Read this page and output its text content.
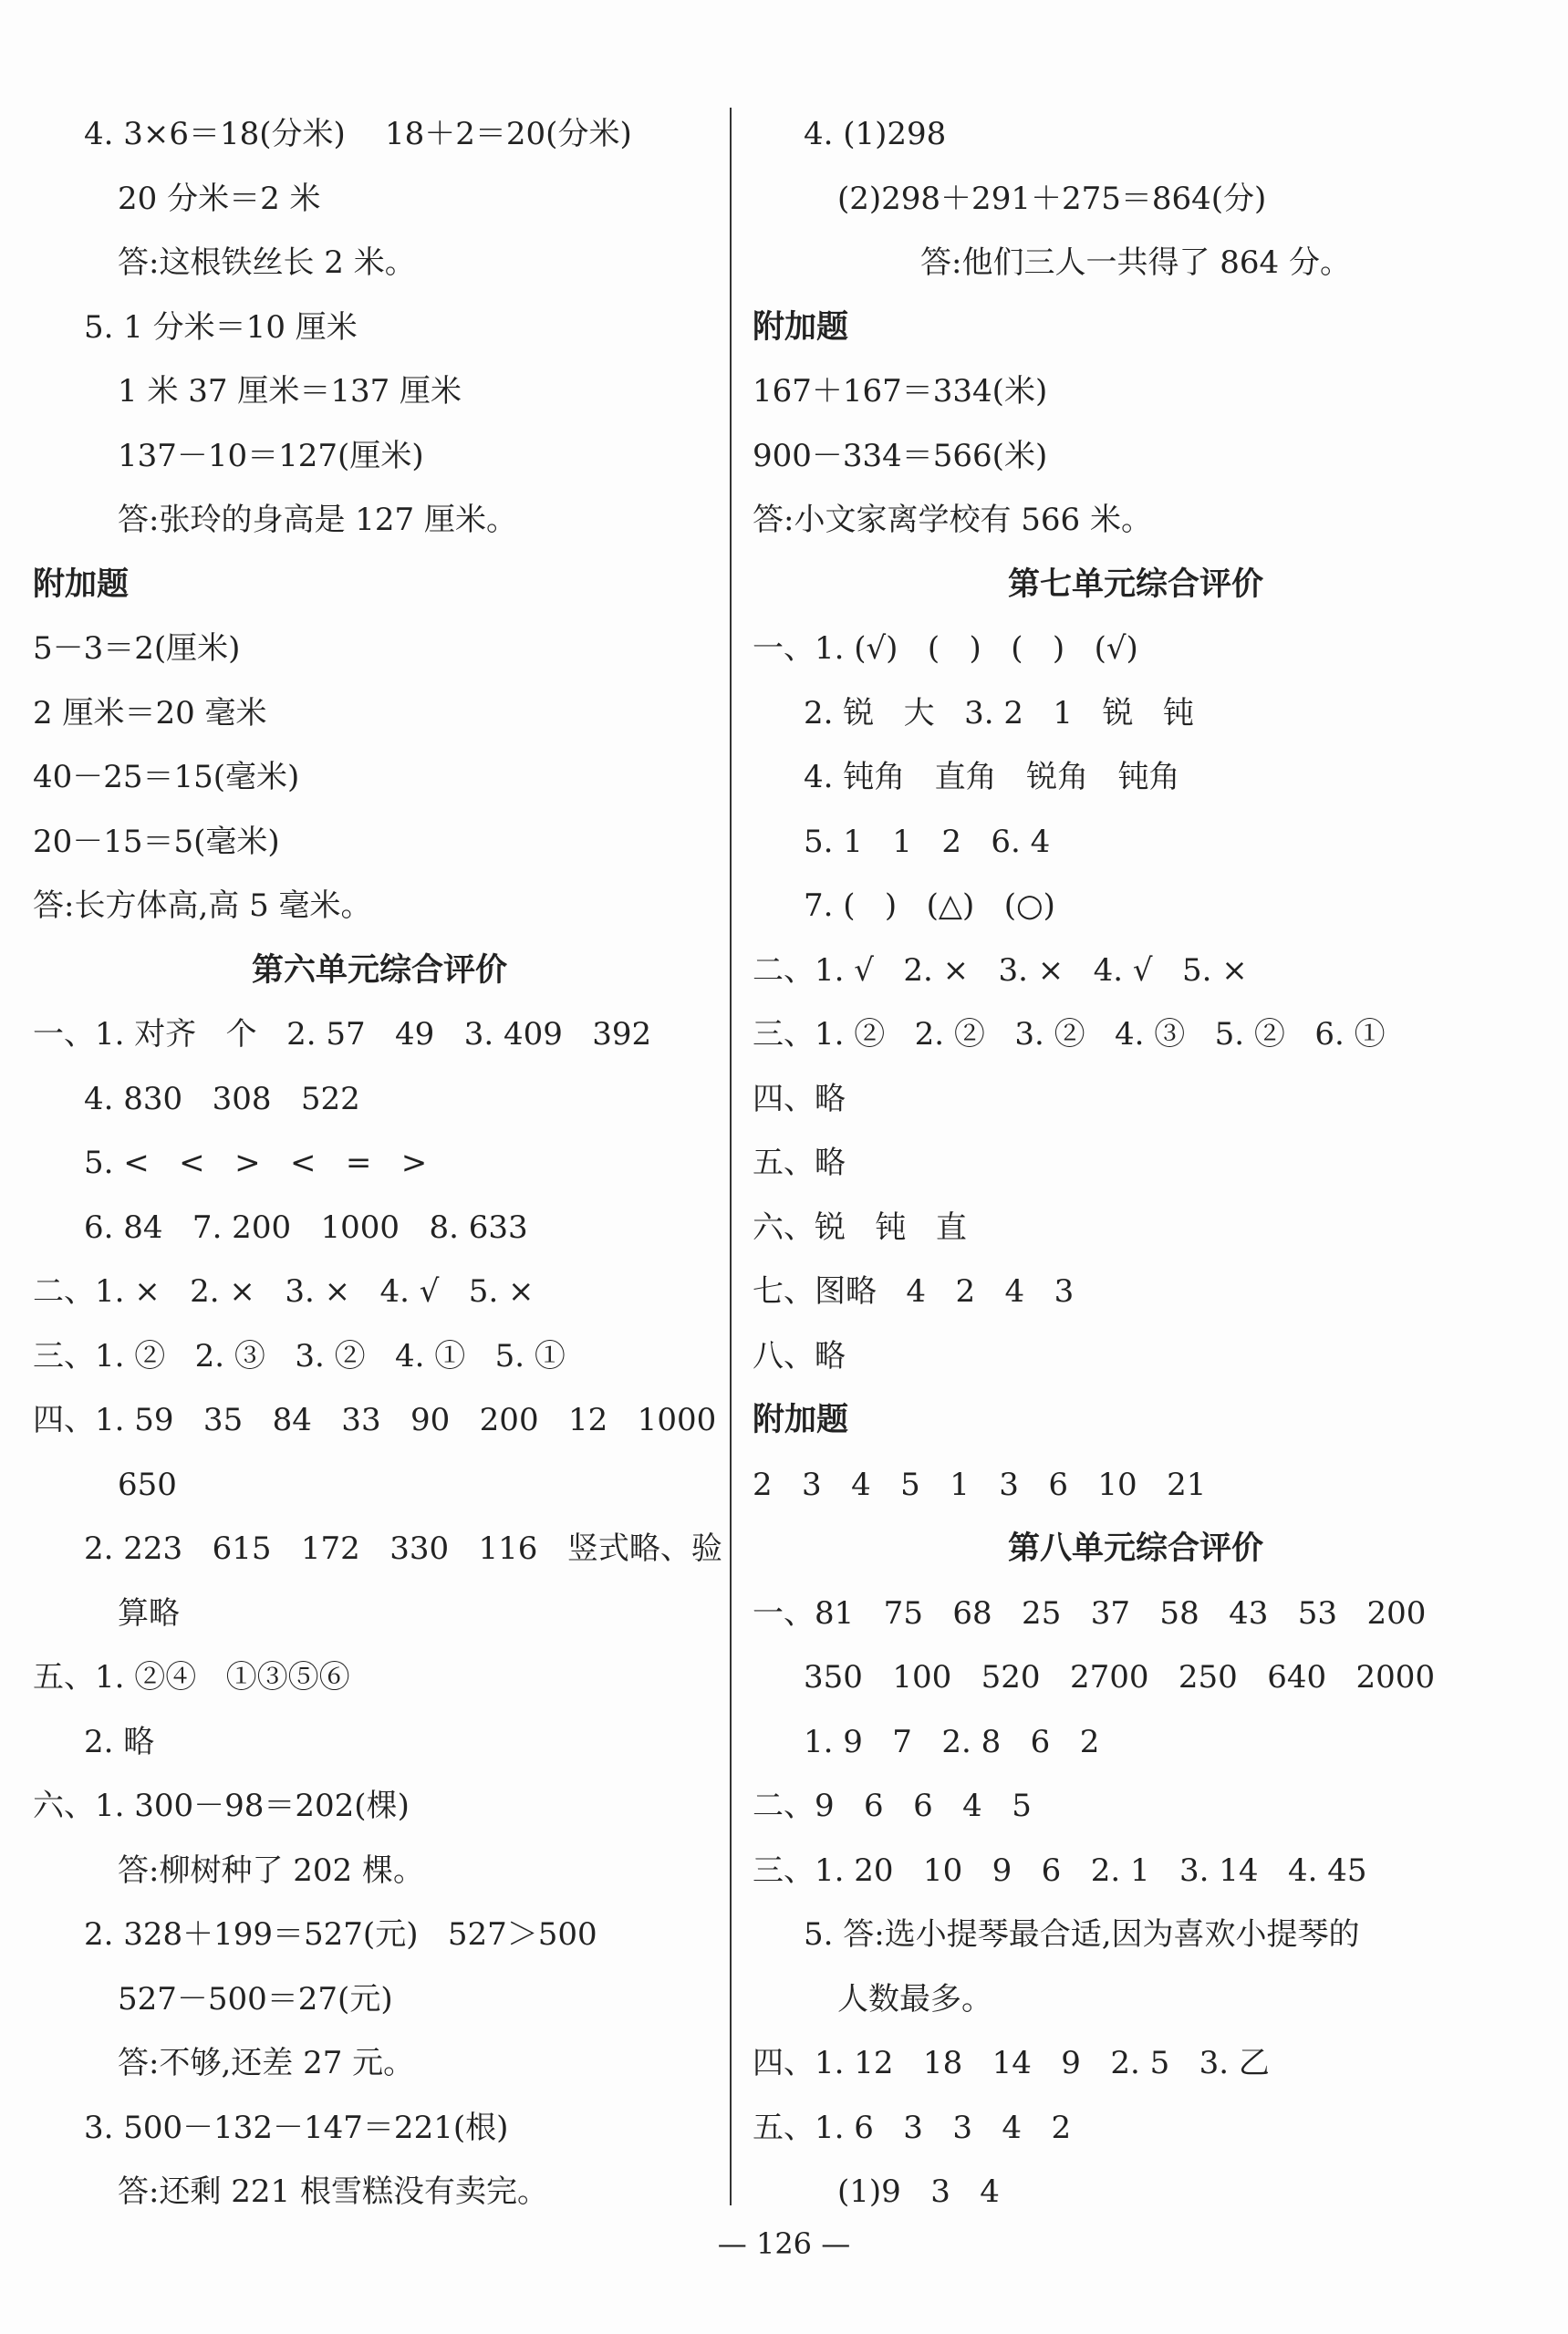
4. 3×6＝18(分米)    18＋2＝20(分米)
20 分米＝2 米
答:这根铁丝长 2 米。
5. 1 分米＝10 厘米
1 米 37 厘米＝137 厘米
137－10＝127(厘米)
答:张玲的身高是 127 厘米。
附加题
5－3＝2(厘米)
2 厘米＝20 毫米
40－25＝15(毫米)
20－15＝5(毫米)
答:长方体高,高 5 毫米。
第六单元综合评价
一、1. 对齐   个   2. 57   49   3. 409   392
4. 830   308   522
5. <   <   >   <   =   >
6. 84   7. 200   1000   8. 633
二、1. ×   2. ×   3. ×   4. √   5. ×
三、1. ②   2. ③   3. ②   4. ①   5. ①
四、1. 59   35   84   33   90   200   12   1000
650
2. 223   615   172   330   116   竖式略、验
算略
五、1. ②④   ①③⑤⑥
2. 略
六、1. 300－98＝202(棵)
答:柳树种了 202 棵。
2. 328＋199＝527(元)   527＞500
527－500＝27(元)
答:不够,还差 27 元。
3. 500－132－147＝221(根)
答:还剩 221 根雪糕没有卖完。
4. (1)298
(2)298＋291＋275＝864(分)
答:他们三人一共得了 864 分。
附加题
167＋167＝334(米)
900－334＝566(米)
答:小文家离学校有 566 米。
第七单元综合评价
一、1. (√)   (   )   (   )   (√)
2. 锐   大   3. 2   1   锐   钝
4. 钝角   直角   锐角   钝角
5. 1   1   2   6. 4
7. (   )   (△)   (○)
二、1. √   2. ×   3. ×   4. √   5. ×
三、1. ②   2. ②   3. ②   4. ③   5. ②   6. ①
四、略
五、略
六、锐   钝   直
七、图略   4   2   4   3
八、略
附加题
2   3   4   5   1   3   6   10   21
第八单元综合评价
一、81   75   68   25   37   58   43   53   200
350   100   520   2700   250   640   2000
1. 9   7   2. 8   6   2
二、9   6   6   4   5
三、1. 20   10   9   6   2. 1   3. 14   4. 45
5. 答:选小提琴最合适,因为喜欢小提琴的
人数最多。
四、1. 12   18   14   9   2. 5   3. 乙
五、1. 6   3   3   4   2
(1)9   3   4
— 126 —
